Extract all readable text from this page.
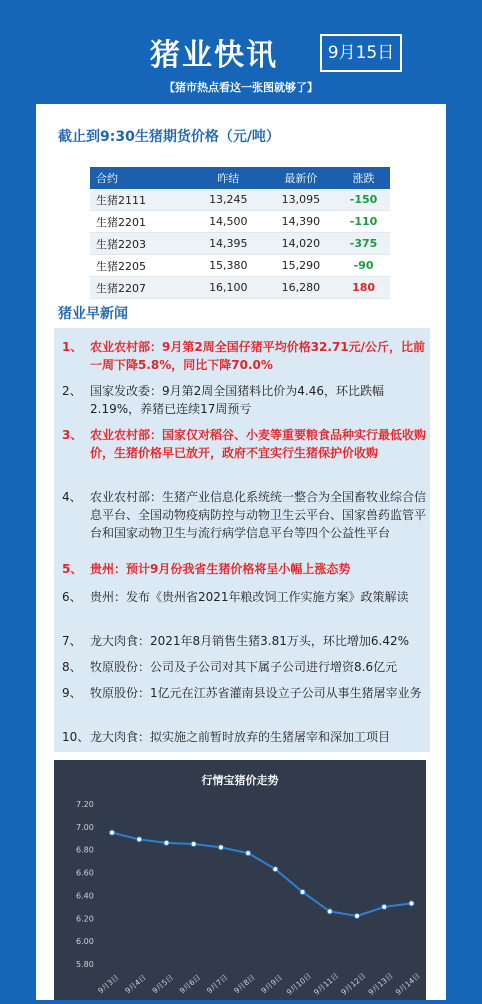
猪业快讯	9月15日
【猪市热点看这一张图就够了】
截止到9:30生猪期货价格（元/吨）
合约	昨结	最新价	涨跌
生猪2111	13,245	13,095	-150
生猪2201	14,500	14,390	-110
生猪2203	14,395	14,020	-375
生猪2205	15,380	15,290	-90
生猪2207	16,100	16,280	180
猪业早新闻
1、 农业农村部：9月第2周全国仔猪平均价格32.71元/公斤，比前一周下降5.8%，同比下降70.0%
2、 国家发改委：9月第2周全国猪料比价为4.46，环比跌幅2.19%，养猪已连续17周预亏
3、 农业农村部：国家仅对稻谷、小麦等重要粮食品种实行最低收购价，生猪价格早已放开，政府不宜实行生猪保护价收购
4、 农业农村部：生猪产业信息化系统统一整合为全国畜牧业综合信息平台、全国动物疫病防控与动物卫生云平台、国家兽药监管平台和国家动物卫生与流行病学信息平台等四个公益性平台
5、 贵州：预计9月份我省生猪价格将呈小幅上涨态势
6、 贵州：发布《贵州省2021年粮改饲工作实施方案》政策解读
7、 龙大肉食：2021年8月销售生猪3.81万头，环比增加6.42%
8、 牧原股份：公司及子公司对其下属子公司进行增资8.6亿元
9、 牧原股份：1亿元在江苏省灌南县设立子公司从事生猪屠宰业务
10、 龙大肉食：拟实施之前暂时放弃的生猪屠宰和深加工项目
行情宝猪价走势
7.20
7.00
6.80
6.60
6.40
6.20
6.00
5.80
9月3日 9月4日 9月5日 9月6日 9月7日 9月8日 9月9日 9月10日
9月11日
9月12日
9月13日
9月14日
